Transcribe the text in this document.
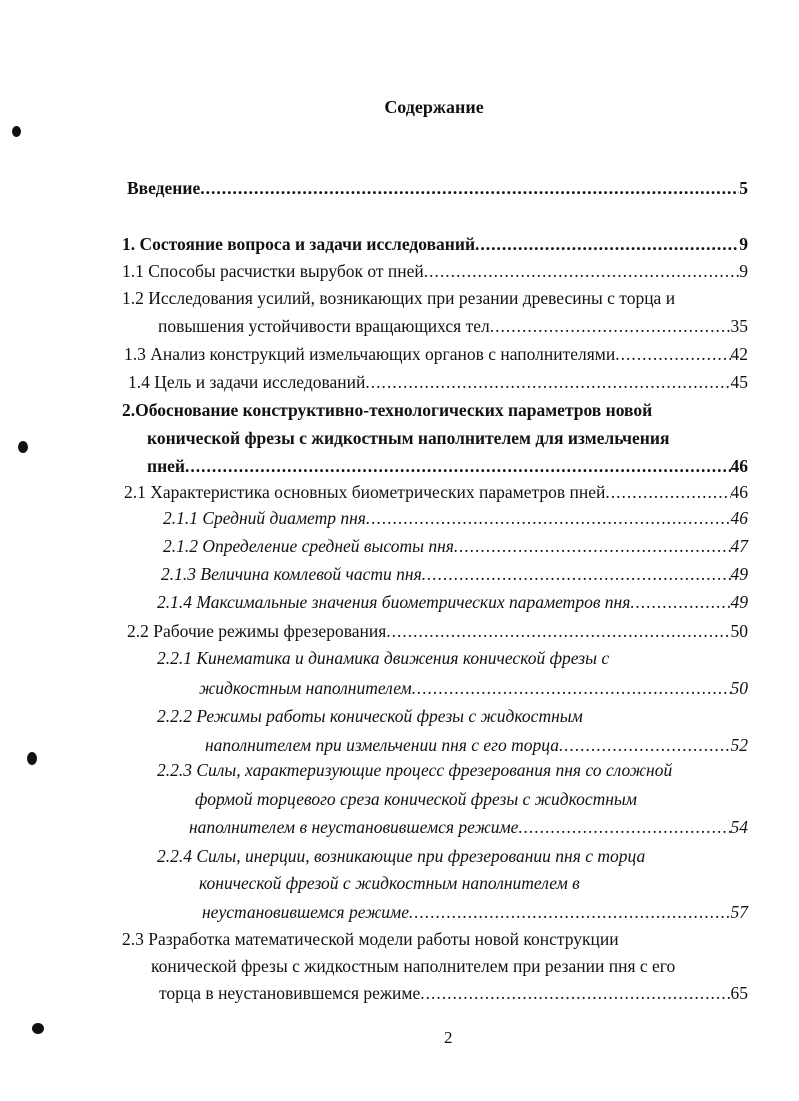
Содержание
Введение .....	5
1. Состояние вопроса и задачи исследований .....	9
1.1 Способы расчистки вырубок от пней .....	9
1.2 Исследования усилий, возникающих при резании древесины с торца и
повышения устойчивости вращающихся тел .....	35
1.3 Анализ конструкций измельчающих органов с наполнителями .....	42
1.4 Цель и задачи исследований .....	45
2.Обоснование конструктивно-технологических параметров новой
конической фрезы с жидкостным наполнителем для измельчения
пней .....	46
2.1 Характеристика основных биометрических параметров пней .....	46
2.1.1 Средний диаметр пня .....	46
2.1.2 Определение средней высоты пня .....	47
2.1.3 Величина комлевой части пня .....	49
2.1.4 Максимальные значения биометрических параметров пня .....	49
2.2 Рабочие режимы фрезерования .....	50
2.2.1 Кинематика и динамика движения конической фрезы с
жидкостным наполнителем .....	50
2.2.2 Режимы работы конической фрезы с жидкостным
наполнителем при измельчении пня с его торца .....	52
2.2.3 Силы, характеризующие процесс фрезерования пня со сложной
формой торцевого среза конической фрезы с жидкостным
наполнителем в неустановившемся режиме .....	54
2.2.4 Силы, инерции, возникающие при фрезеровании пня с торца
конической фрезой с жидкостным наполнителем в
неустановившемся режиме .....	57
2.3 Разработка математической модели работы новой конструкции
конической фрезы с жидкостным наполнителем при резании пня с его
торца в неустановившемся режиме .....	65
2
